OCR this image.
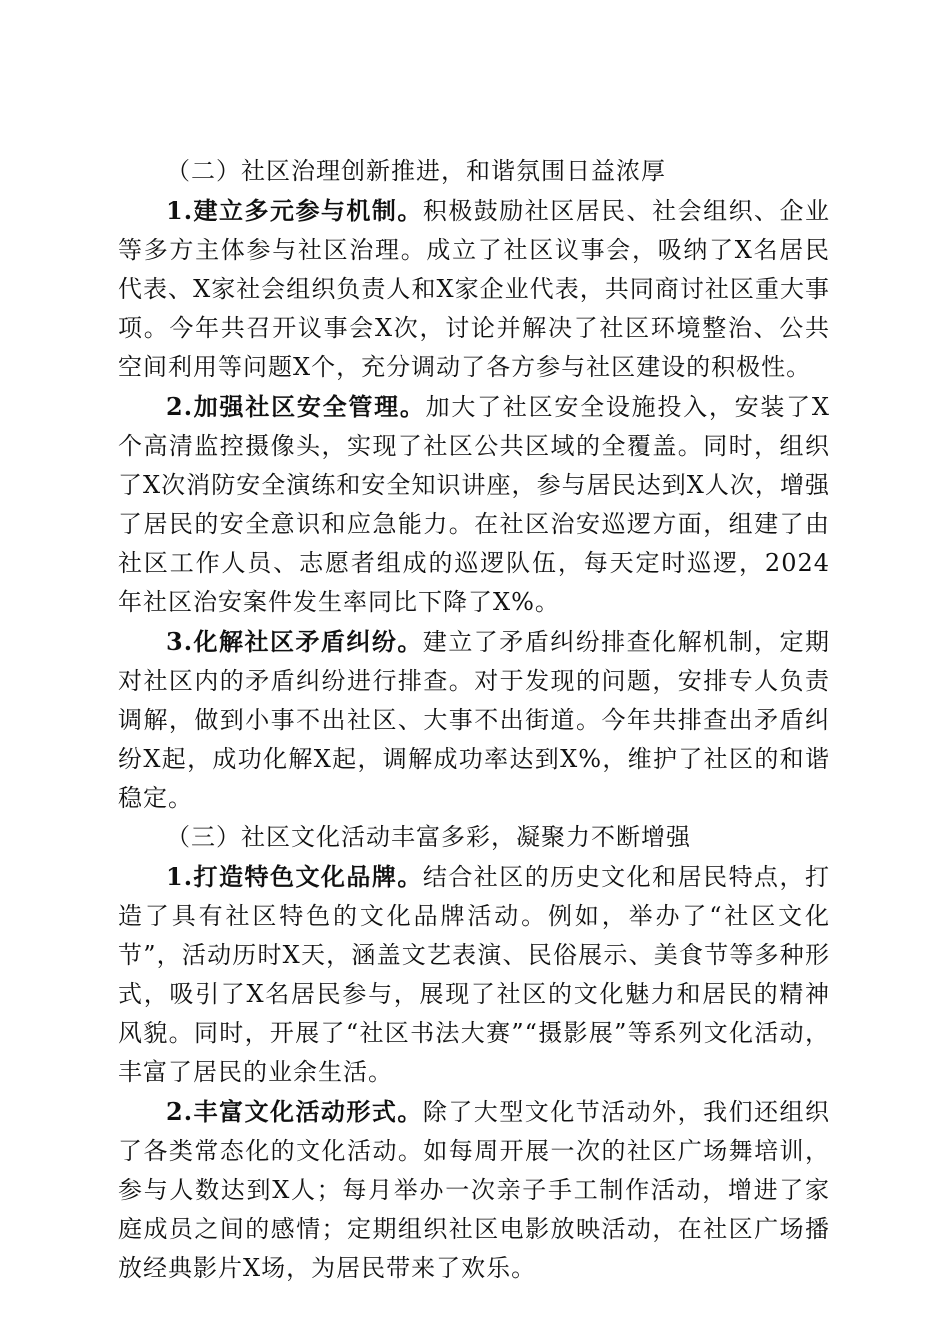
（二）社区治理创新推进，和谐氛围日益浓厚

1.建立多元参与机制。积极鼓励社区居民、社会组织、企业等多方主体参与社区治理。成立了社区议事会，吸纳了X名居民代表、X家社会组织负责人和X家企业代表，共同商讨社区重大事项。今年共召开议事会X次，讨论并解决了社区环境整治、公共空间利用等问题X个，充分调动了各方参与社区建设的积极性。

2.加强社区安全管理。加大了社区安全设施投入，安装了X个高清监控摄像头，实现了社区公共区域的全覆盖。同时，组织了X次消防安全演练和安全知识讲座，参与居民达到X人次，增强了居民的安全意识和应急能力。在社区治安巡逻方面，组建了由社区工作人员、志愿者组成的巡逻队伍，每天定时巡逻，2024年社区治安案件发生率同比下降了X%。

3.化解社区矛盾纠纷。建立了矛盾纠纷排查化解机制，定期对社区内的矛盾纠纷进行排查。对于发现的问题，安排专人负责调解，做到小事不出社区、大事不出街道。今年共排查出矛盾纠纷X起，成功化解X起，调解成功率达到X%，维护了社区的和谐稳定。

（三）社区文化活动丰富多彩，凝聚力不断增强

1.打造特色文化品牌。结合社区的历史文化和居民特点，打造了具有社区特色的文化品牌活动。例如，举办了“社区文化节”，活动历时X天，涵盖文艺表演、民俗展示、美食节等多种形式，吸引了X名居民参与，展现了社区的文化魅力和居民的精神风貌。同时，开展了“社区书法大赛”“摄影展”等系列文化活动，丰富了居民的业余生活。

2.丰富文化活动形式。除了大型文化节活动外，我们还组织了各类常态化的文化活动。如每周开展一次的社区广场舞培训，参与人数达到X人；每月举办一次亲子手工制作活动，增进了家庭成员之间的感情；定期组织社区电影放映活动，在社区广场播放经典影片X场，为居民带来了欢乐。
